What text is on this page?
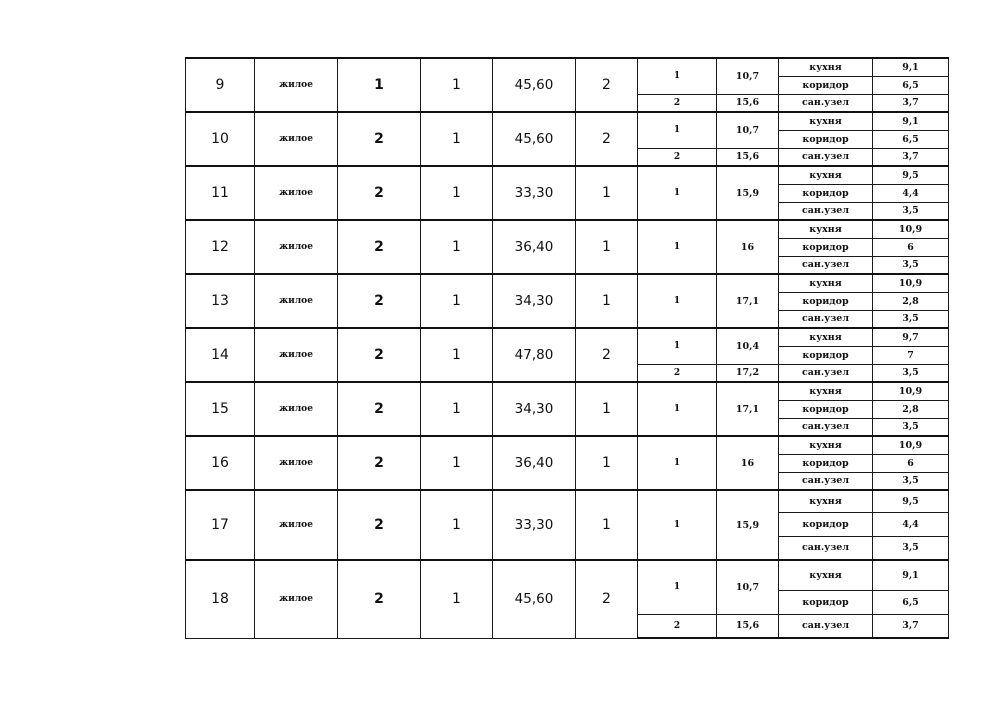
9	жилое	1	1	45,60	2	1	10,7	кухня	9,1
								коридор	6,5
						2	15,6	сан.узел	3,7
10	жилое	2	1	45,60	2	1	10,7	кухня	9,1
								коридор	6,5
						2	15,6	сан.узел	3,7
11	жилое	2	1	33,30	1	1	15,9	кухня	9,5
								коридор	4,4
								сан.узел	3,5
12	жилое	2	1	36,40	1	1	16	кухня	10,9
								коридор	6
								сан.узел	3,5
13	жилое	2	1	34,30	1	1	17,1	кухня	10,9
								коридор	2,8
								сан.узел	3,5
14	жилое	2	1	47,80	2	1	10,4	кухня	9,7
								коридор	7
						2	17,2	сан.узел	3,5
15	жилое	2	1	34,30	1	1	17,1	кухня	10,9
								коридор	2,8
								сан.узел	3,5
16	жилое	2	1	36,40	1	1	16	кухня	10,9
								коридор	6
								сан.узел	3,5
17	жилое	2	1	33,30	1	1	15,9	кухня	9,5
								коридор	4,4
								сан.узел	3,5
18	жилое	2	1	45,60	2	1	10,7	кухня	9,1
								коридор	6,5
						2	15,6	сан.узел	3,7
